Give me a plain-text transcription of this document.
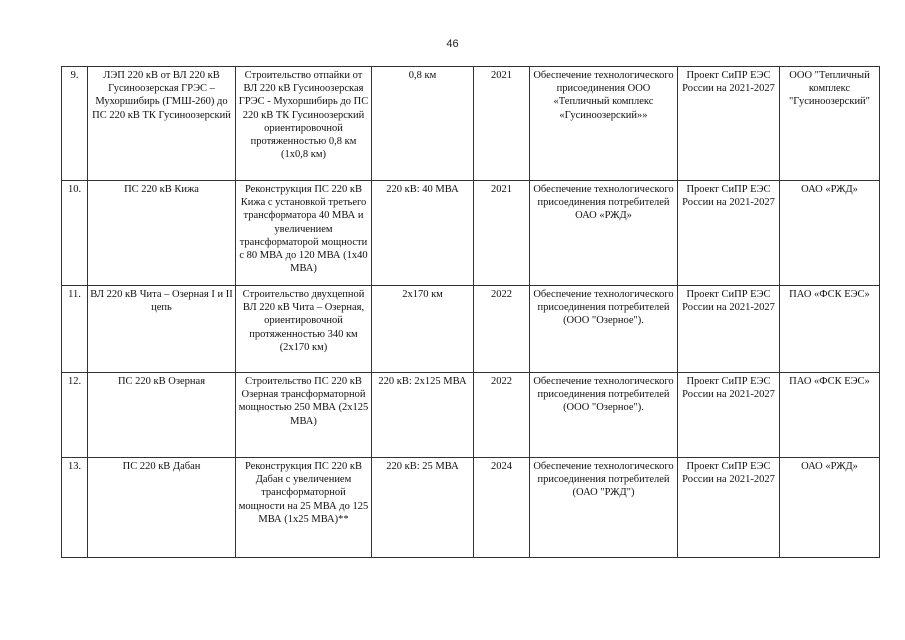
46
9.	ЛЭП 220 кВ от ВЛ 220 кВ Гусиноозерская ГРЭС – Мухоршибирь (ГМШ-260) до ПС 220 кВ ТК Гусиноозерский	Строительство отпайки от ВЛ 220 кВ Гусиноозерская ГРЭС - Мухоршибирь до ПС 220 кВ ТК Гусиноозерский ориентировочной протяженностью 0,8 км (1х0,8 км)	0,8 км	2021	Обеспечение технологического присоединения ООО «Тепличный комплекс «Гусиноозерский»»	Проект СиПР ЕЭС России на 2021-2027	ООО "Тепличный комплекс "Гусиноозерский"
10.	ПС 220 кВ Кижа	Реконструкция ПС 220 кВ Кижа с установкой третьего трансформатора 40 МВА и увеличением трансформаторой мощности с 80 МВА до 120 МВА (1х40 МВА)	220 кВ: 40 МВА	2021	Обеспечение технологического присоединения потребителей ОАО «РЖД»	Проект СиПР ЕЭС России на 2021-2027	ОАО «РЖД»
11.	ВЛ 220 кВ Чита – Озерная I и II цепь	Строительство двухцепной ВЛ 220 кВ Чита – Озерная, ориентировочной протяженностью 340 км (2х170 км)	2х170 км	2022	Обеспечение технологического присоединения потребителей (ООО "Озерное").	Проект СиПР ЕЭС России на 2021-2027	ПАО «ФСК ЕЭС»
12.	ПС 220 кВ Озерная	Строительство ПС 220 кВ Озерная трансформаторной мощностью 250 МВА (2х125 МВА)	220 кВ: 2х125 МВА	2022	Обеспечение технологического присоединения потребителей (ООО "Озерное").	Проект СиПР ЕЭС России на 2021-2027	ПАО «ФСК ЕЭС»
13.	ПС 220 кВ Дабан	Реконструкция ПС 220 кВ Дабан с увеличением трансформаторной мощности на 25 МВА до 125 МВА (1х25 МВА)**	220 кВ: 25 МВА	2024	Обеспечение технологического присоединения потребителей (ОАО "РЖД")	Проект СиПР ЕЭС России на 2021-2027	ОАО «РЖД»
